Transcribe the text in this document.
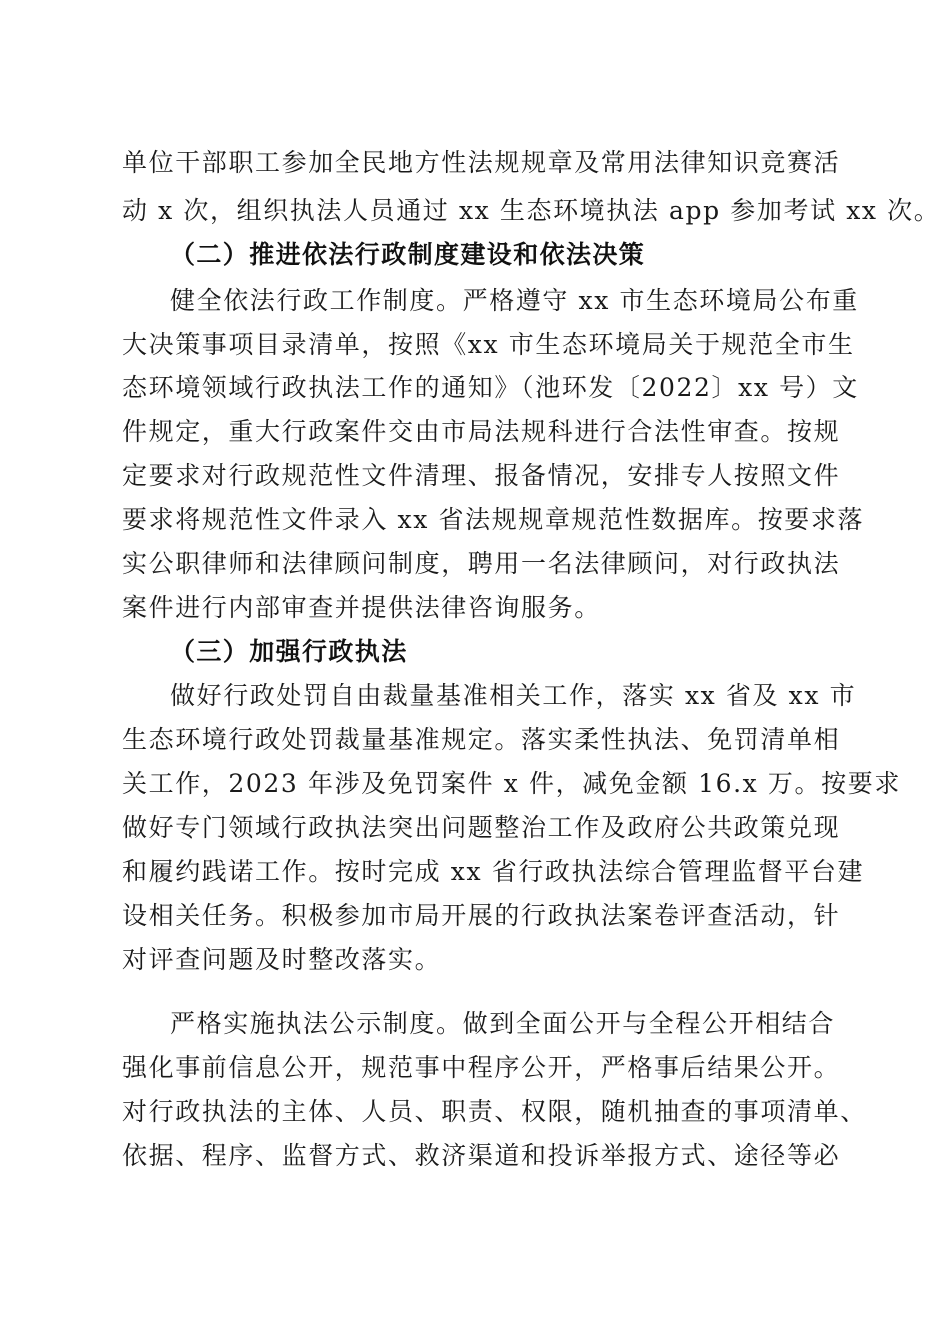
单位干部职工参加全民地方性法规规章及常用法律知识竞赛活
动 x 次，组织执法人员通过 xx 生态环境执法 app 参加考试 xx 次。
（二）推进依法行政制度建设和依法决策
健全依法行政工作制度。严格遵守 xx 市生态环境局公布重
大决策事项目录清单，按照《xx 市生态环境局关于规范全市生
态环境领域行政执法工作的通知》（池环发〔2022〕xx 号）文
件规定，重大行政案件交由市局法规科进行合法性审查。按规
定要求对行政规范性文件清理、报备情况，安排专人按照文件
要求将规范性文件录入 xx 省法规规章规范性数据库。按要求落
实公职律师和法律顾问制度，聘用一名法律顾问，对行政执法
案件进行内部审查并提供法律咨询服务。
（三）加强行政执法
做好行政处罚自由裁量基准相关工作，落实 xx 省及 xx 市
生态环境行政处罚裁量基准规定。落实柔性执法、免罚清单相
关工作，2023 年涉及免罚案件 x 件，减免金额 16.x 万。按要求
做好专门领域行政执法突出问题整治工作及政府公共政策兑现
和履约践诺工作。按时完成 xx 省行政执法综合管理监督平台建
设相关任务。积极参加市局开展的行政执法案卷评查活动，针
对评查问题及时整改落实。
严格实施执法公示制度。做到全面公开与全程公开相结合
强化事前信息公开，规范事中程序公开，严格事后结果公开。
对行政执法的主体、人员、职责、权限，随机抽查的事项清单、
依据、程序、监督方式、救济渠道和投诉举报方式、途径等必
